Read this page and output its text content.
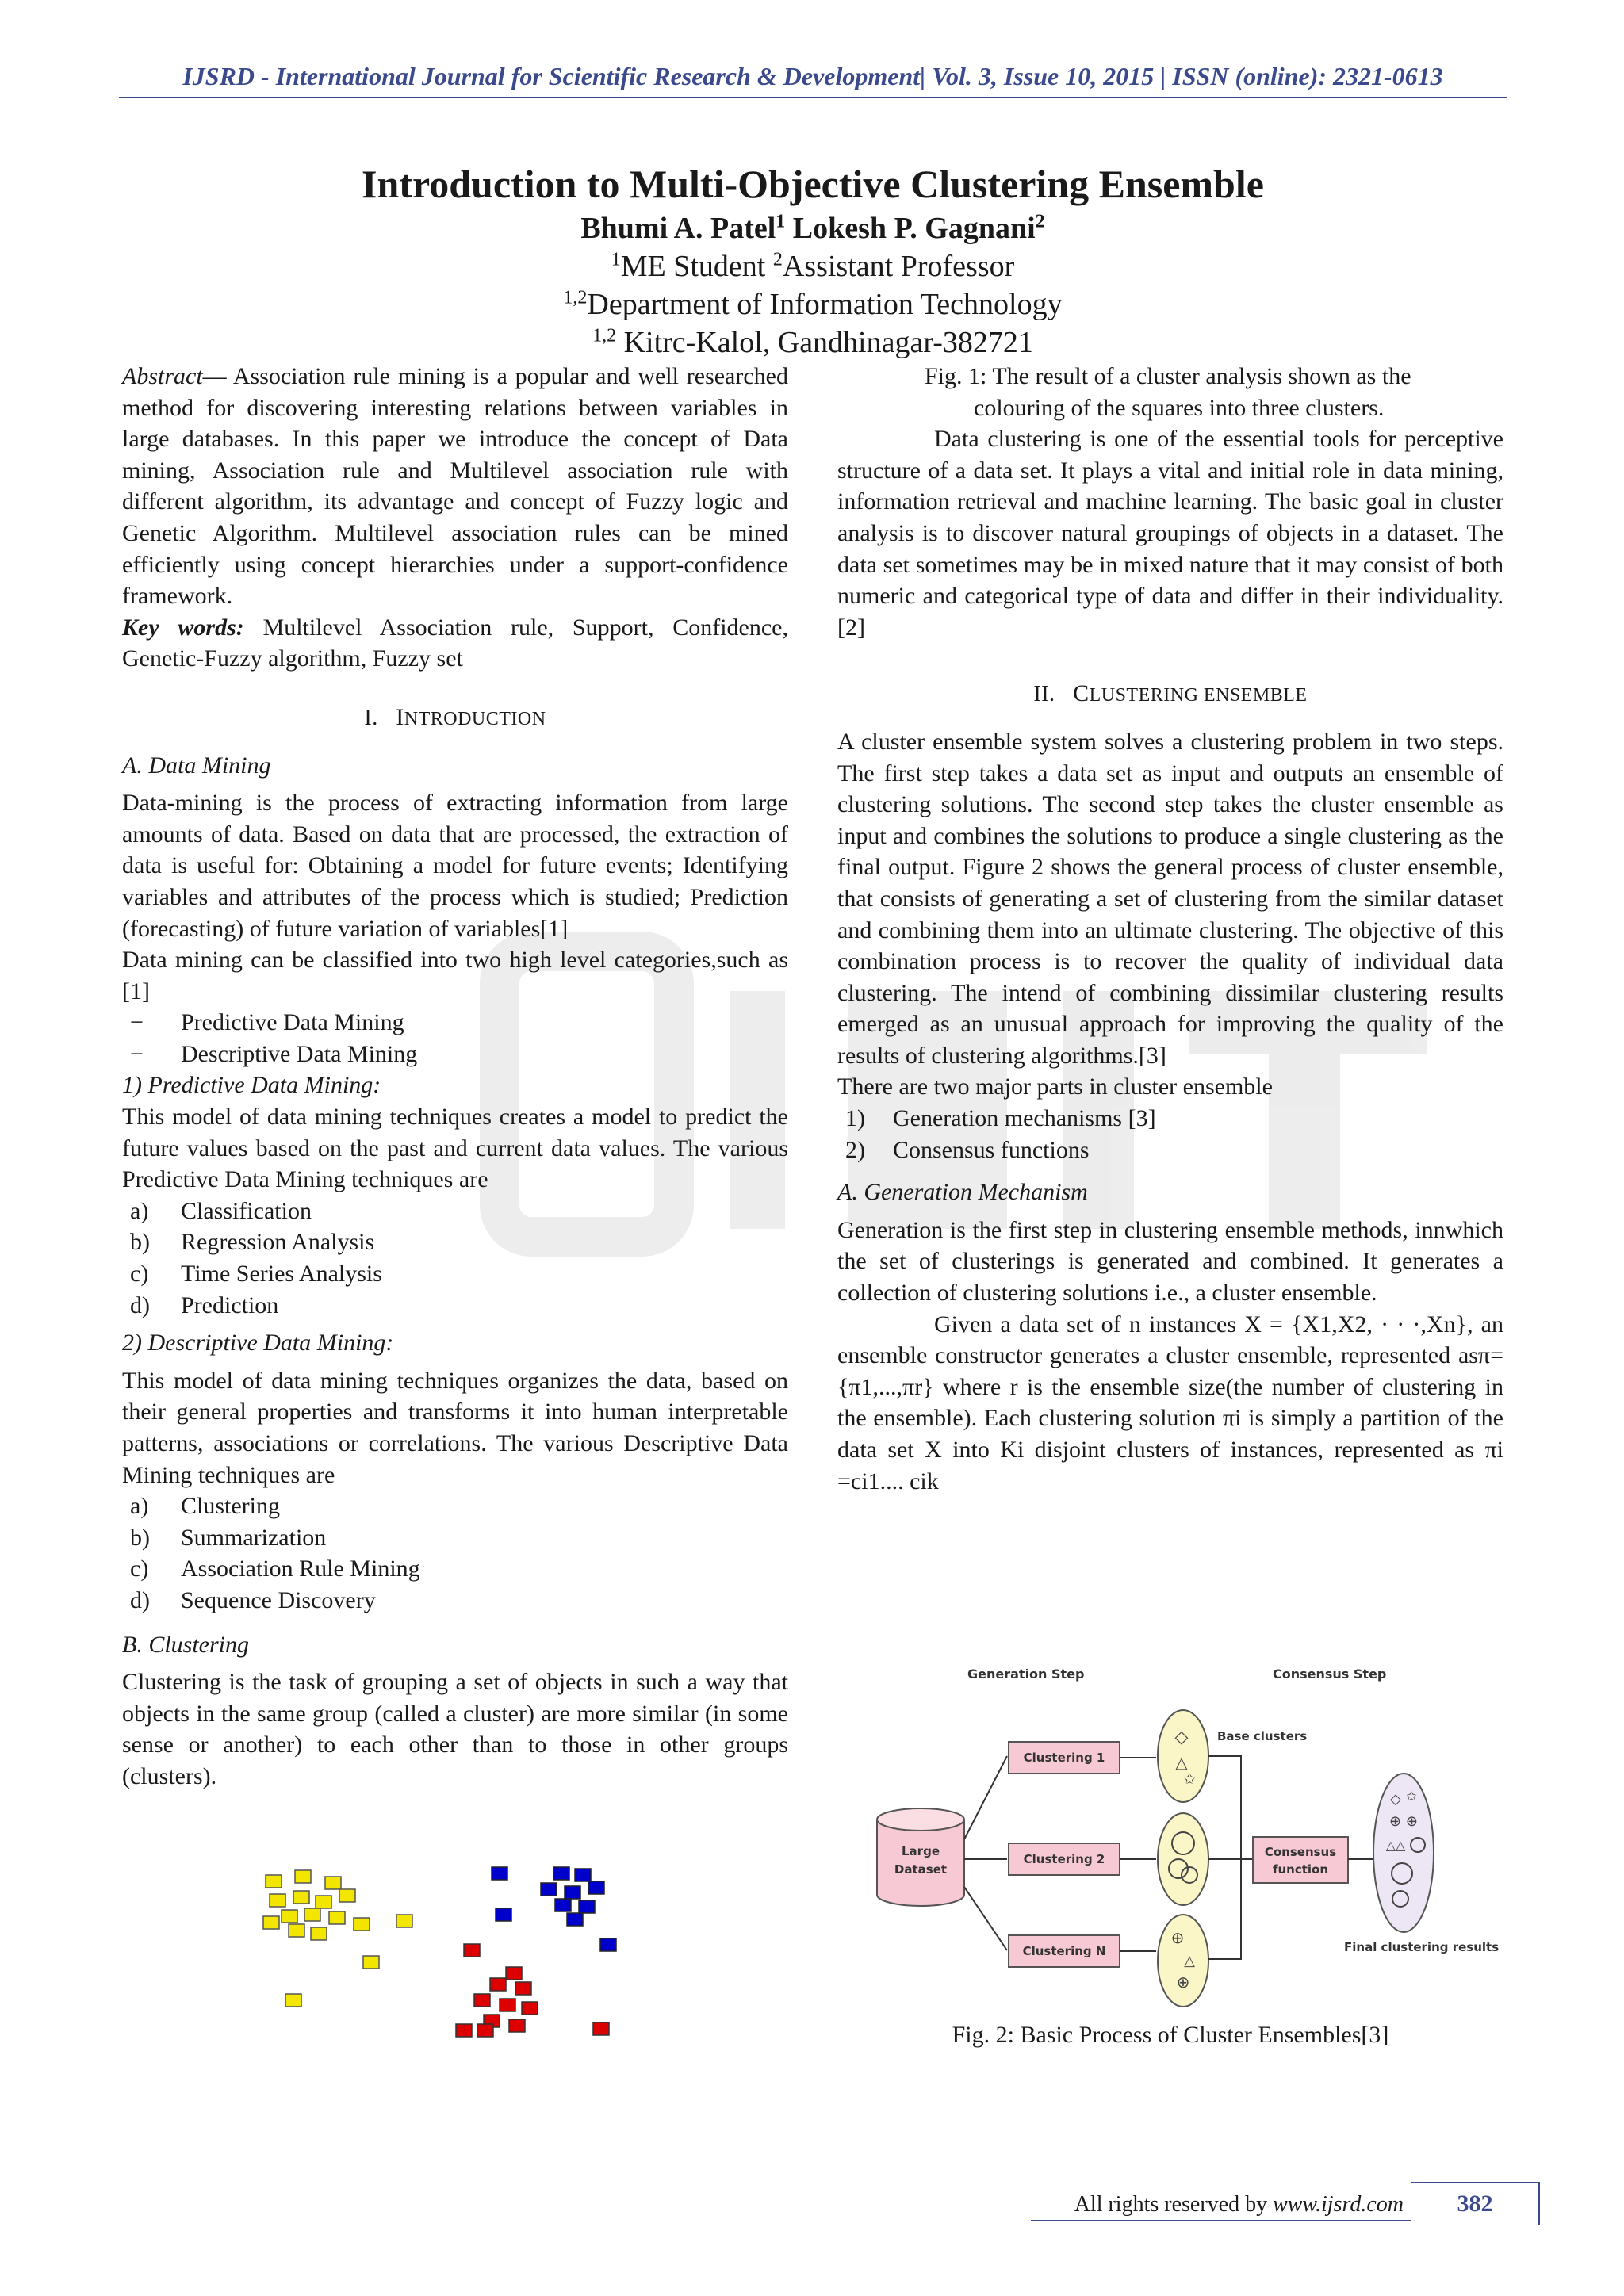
IJSRD - International Journal for Scientific Research & Development| Vol. 3, Issue 10, 2015 | ISSN (online): 2321-0613
Introduction to Multi-Objective Clustering Ensemble
Bhumi A. Patel$^1$ Lokesh P. Gagnani$^2$
$^1$ME Student $^2$Assistant Professor
$^{1,2}$Department of Information Technology
$^{1,2}$ Kitrc-Kalol, Gandhinagar-382721

Abstract— Association rule mining is a popular and well researched method for discovering interesting relations between variables in large databases. In this paper we introduce the concept of Data mining, Association rule and Multilevel association rule with different algorithm, its advantage and concept of Fuzzy logic and Genetic Algorithm. Multilevel association rules can be mined efficiently using concept hierarchies under a support-confidence framework.

Key words: Multilevel Association rule, Support, Confidence, Genetic-Fuzzy algorithm, Fuzzy set

I. INTRODUCTION
A. Data Mining

Data-mining is the process of extracting information from large amounts of data. Based on data that are processed, the extraction of data is useful for: Obtaining a model for future events; Identifying variables and attributes of the process which is studied; Prediction (forecasting) of future variation of variables[1]

Data mining can be classified into two high level categories,such as [1]

−	Predictive Data Mining
−	Descriptive Data Mining
1) Predictive Data Mining:

This model of data mining techniques creates a model to predict the future values based on the past and current data values. The various Predictive Data Mining techniques are

a)	Classification
b)	Regression Analysis
c)	Time Series Analysis
d)	Prediction
2) Descriptive Data Mining:

This model of data mining techniques organizes the data, based on their general properties and transforms it into human interpretable patterns, associations or correlations. The various Descriptive Data Mining techniques are

a)	Clustering
b)	Summarization
c)	Association Rule Mining
d)	Sequence Discovery
B. Clustering

Clustering is the task of grouping a set of objects in such a way that objects in the same group (called a cluster) are more similar (in some sense or another) to each other than to those in other groups (clusters).

Fig. 1: The result of a cluster analysis shown as the
colouring of the squares into three clusters.

Data clustering is one of the essential tools for perceptive structure of a data set. It plays a vital and initial role in data mining, information retrieval and machine learning. The basic goal in cluster analysis is to discover natural groupings of objects in a dataset. The data set sometimes may be in mixed nature that it may consist of both numeric and categorical type of data and differ in their individuality.[2]

II. CLUSTERING ENSEMBLE

A cluster ensemble system solves a clustering problem in two steps. The first step takes a data set as input and outputs an ensemble of clustering solutions. The second step takes the cluster ensemble as input and combines the solutions to produce a single clustering as the final output. Figure 2 shows the general process of cluster ensemble, that consists of generating a set of clustering from the similar dataset and combining them into an ultimate clustering. The objective of this combination process is to recover the quality of individual data clustering. The intend of combining dissimilar clustering results emerged as an unusual approach for improving the quality of the results of clustering algorithms.[3]

There are two major parts in cluster ensemble

1)	Generation mechanisms [3]
2)	Consensus functions
A. Generation Mechanism

Generation is the first step in clustering ensemble methods, innwhich the set of clusterings is generated and combined. It generates a collection of clustering solutions i.e., a cluster ensemble.

Given a data set of n instances X = {X1,X2, · · ·,Xn}, an ensemble constructor generates a cluster ensemble, represented asπ= {π1,...,πr} where r is the ensemble size(the number of clustering in the ensemble). Each clustering solution πi is simply a partition of the data set X into Ki disjoint clusters of instances, represented as πi =ci1.... cik

Generation Step	Consensus Step
Large
Dataset
Clustering 1
Clustering 2
Clustering N
◇
△
✩
⊕
△
⊕
Base clusters
Consensus
function
◇ ✩
⊕ ⊕
△△
Final clustering results
Fig. 2: Basic Process of Cluster Ensembles[3]
All rights reserved by www.ijsrd.com	382
